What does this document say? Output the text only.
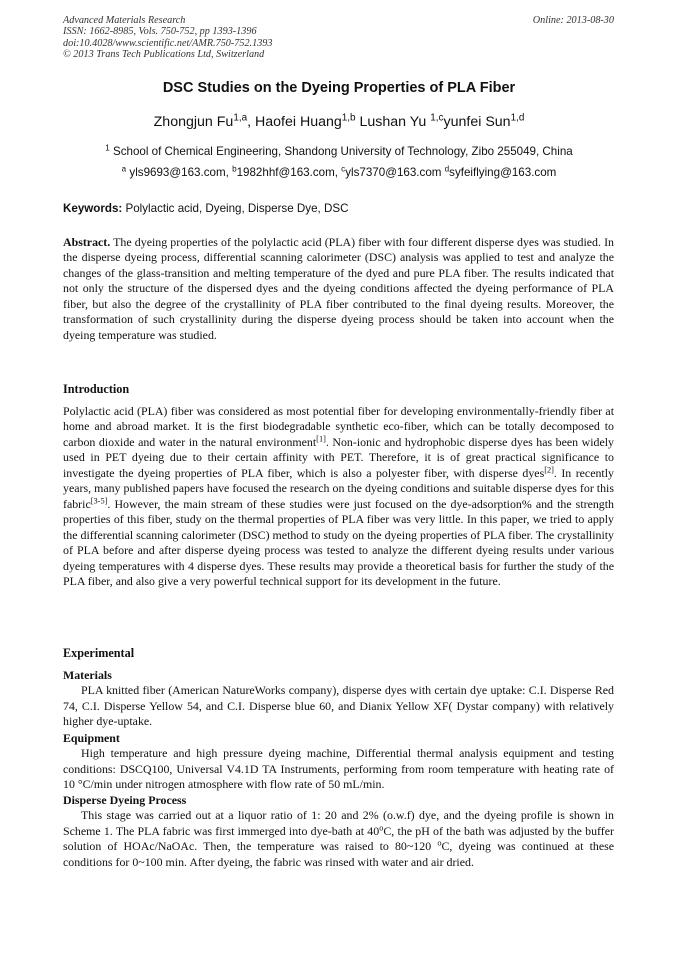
Advanced Materials Research
ISSN: 1662-8985, Vols. 750-752, pp 1393-1396
doi:10.4028/www.scientific.net/AMR.750-752.1393
© 2013 Trans Tech Publications Ltd, Switzerland
Online: 2013-08-30
DSC Studies on the Dyeing Properties of PLA Fiber
Zhongjun Fu$^{1,a}$, Haofei Huang$^{1,b}$ Lushan Yu $^{1,c}$yunfei Sun$^{1,d}$
$^1$ School of Chemical Engineering, Shandong University of Technology, Zibo 255049, China
$^a$ yls9693@163.com, $^b$1982hhf@163.com, $^c$yls7370@163.com $^d$syfeiflying@163.com
Keywords: Polylactic acid, Dyeing, Disperse Dye, DSC
Abstract. The dyeing properties of the polylactic acid (PLA) fiber with four different disperse dyes was studied. In the disperse dyeing process, differential scanning calorimeter (DSC) analysis was applied to test and analyze the changes of the glass-transition and melting temperature of the dyed and pure PLA fiber. The results indicated that not only the structure of the dispersed dyes and the dyeing conditions affected the dyeing performance of PLA fiber, but also the degree of the crystallinity of PLA fiber contributed to the final dyeing results. Moreover, the transformation of such crystallinity during the disperse dyeing process should be taken into account when the dyeing temperature was studied.
Introduction
Polylactic acid (PLA) fiber was considered as most potential fiber for developing environmentally-friendly fiber at home and abroad market. It is the first biodegradable synthetic eco-fiber, which can be totally decomposed to carbon dioxide and water in the natural environment[1]. Non-ionic and hydrophobic disperse dyes has been widely used in PET dyeing due to their certain affinity with PET. Therefore, it is of great practical significance to investigate the dyeing properties of PLA fiber, which is also a polyester fiber, with disperse dyes[2]. In recently years, many published papers have focused the research on the dyeing conditions and suitable disperse dyes for this fabric[3-5]. However, the main stream of these studies were just focused on the dye-adsorption% and the strength properties of this fiber, study on the thermal properties of PLA fiber was very little. In this paper, we tried to apply the differential scanning calorimeter (DSC) method to study on the dyeing properties of PLA fiber. The crystallinity of PLA before and after disperse dyeing process was tested to analyze the different dyeing results under various dyeing temperatures with 4 disperse dyes. These results may provide a theoretical basis for further the study of the PLA fiber, and also give a very powerful technical support for its development in the future.
Experimental
Materials
PLA knitted fiber (American NatureWorks company), disperse dyes with certain dye uptake: C.I. Disperse Red 74, C.I. Disperse Yellow 54, and C.I. Disperse blue 60, and Dianix Yellow XF( Dystar company) with relatively higher dye-uptake.
Equipment
High temperature and high pressure dyeing machine, Differential thermal analysis equipment and testing conditions: DSCQ100, Universal V4.1D TA Instruments, performing from room temperature with heating rate of 10 °C/min under nitrogen atmosphere with flow rate of 50 mL/min.
Disperse Dyeing Process
This stage was carried out at a liquor ratio of 1: 20 and 2% (o.w.f) dye, and the dyeing profile is shown in Scheme 1. The PLA fabric was first immerged into dye-bath at 40$^o$C, the pH of the bath was adjusted by the buffer solution of HOAc/NaOAc. Then, the temperature was raised to 80~120 $^o$C, dyeing was continued at these conditions for 0~100 min. After dyeing, the fabric was rinsed with water and air dried.
